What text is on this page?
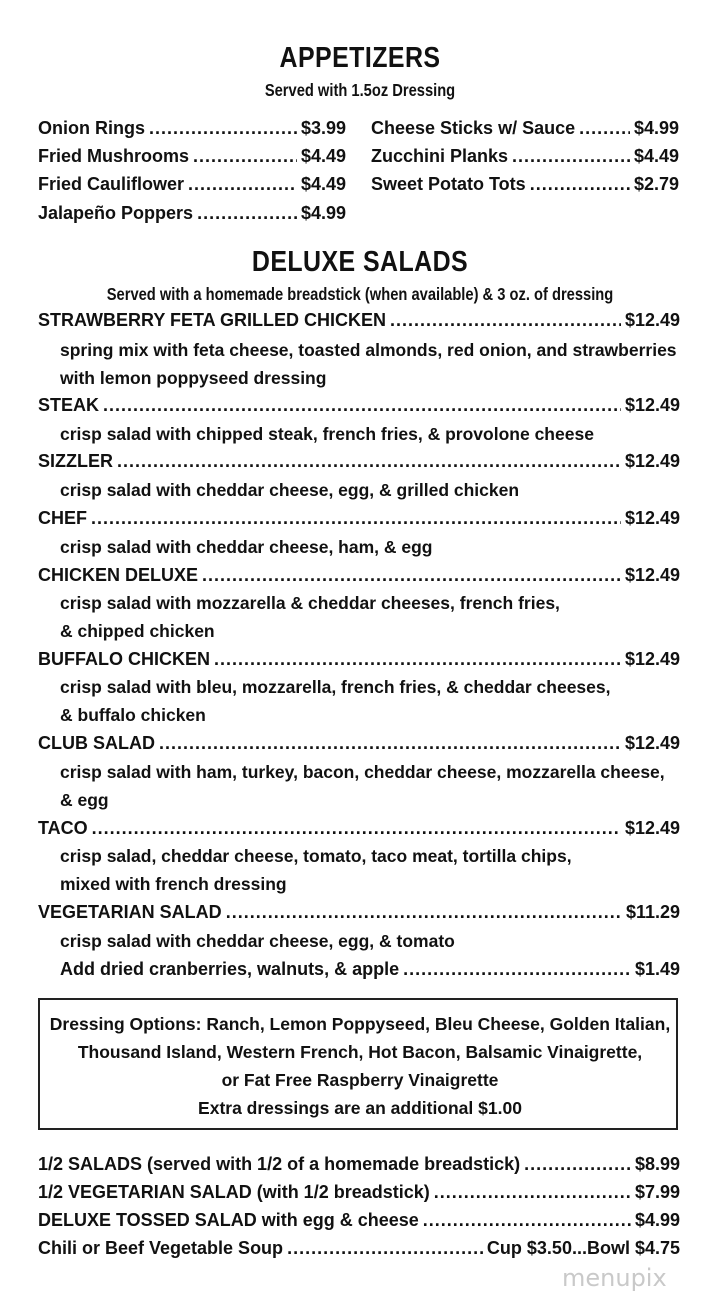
APPETIZERS
Served with 1.5oz Dressing
Onion Rings .....	$3.99
Fried Mushrooms .....	$4.49
Fried Cauliflower .....	$4.49
Jalapeño Poppers .....	$4.99
Cheese Sticks w/ Sauce .....	$4.99
Zucchini Planks .....	$4.49
Sweet Potato Tots .....	$2.79
DELUXE SALADS
Served with a homemade breadstick (when available) & 3 oz. of dressing
STRAWBERRY FETA GRILLED CHICKEN .....	$12.49
spring mix with feta cheese, toasted almonds, red onion, and strawberries
with lemon poppyseed dressing
STEAK .....	$12.49
crisp salad with chipped steak, french fries, & provolone cheese
SIZZLER .....	$12.49
crisp salad with cheddar cheese, egg, & grilled chicken
CHEF .....	$12.49
crisp salad with cheddar cheese, ham, & egg
CHICKEN DELUXE .....	$12.49
crisp salad with mozzarella & cheddar cheeses, french fries,
& chipped chicken
BUFFALO CHICKEN .....	$12.49
crisp salad with bleu, mozzarella, french fries, & cheddar cheeses,
& buffalo chicken
CLUB SALAD .....	$12.49
crisp salad with ham, turkey, bacon, cheddar cheese, mozzarella cheese,
& egg
TACO .....	$12.49
crisp salad, cheddar cheese, tomato, taco meat, tortilla chips,
mixed with french dressing
VEGETARIAN SALAD .....	$11.29
crisp salad with cheddar cheese, egg, & tomato
Add dried cranberries, walnuts, & apple .....	$1.49
Dressing Options: Ranch, Lemon Poppyseed, Bleu Cheese, Golden Italian,
Thousand Island, Western French, Hot Bacon, Balsamic Vinaigrette,
or Fat Free Raspberry Vinaigrette
Extra dressings are an additional $1.00
1/2 SALADS (served with 1/2 of a homemade breadstick) .....	$8.99
1/2 VEGETARIAN SALAD (with 1/2 breadstick) .....	$7.99
DELUXE TOSSED SALAD with egg & cheese .....	$4.99
Chili or Beef Vegetable Soup .....	Cup $3.50...Bowl $4.75
menupix
